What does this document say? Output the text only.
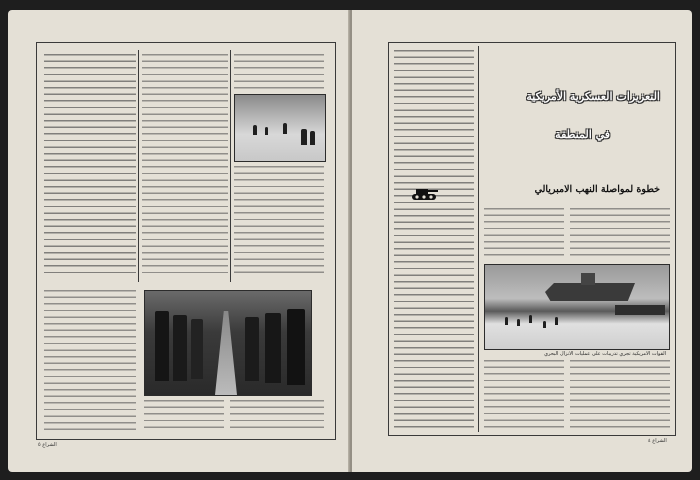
الشراع ٥
التعزيزات العسكرية الأمريكية
في المنطقة
خطوة لمواصلة النهب الامبريالي
القوات الامريكية تجري تدريبات على عمليات الانزال البحري
الشراع ٤
